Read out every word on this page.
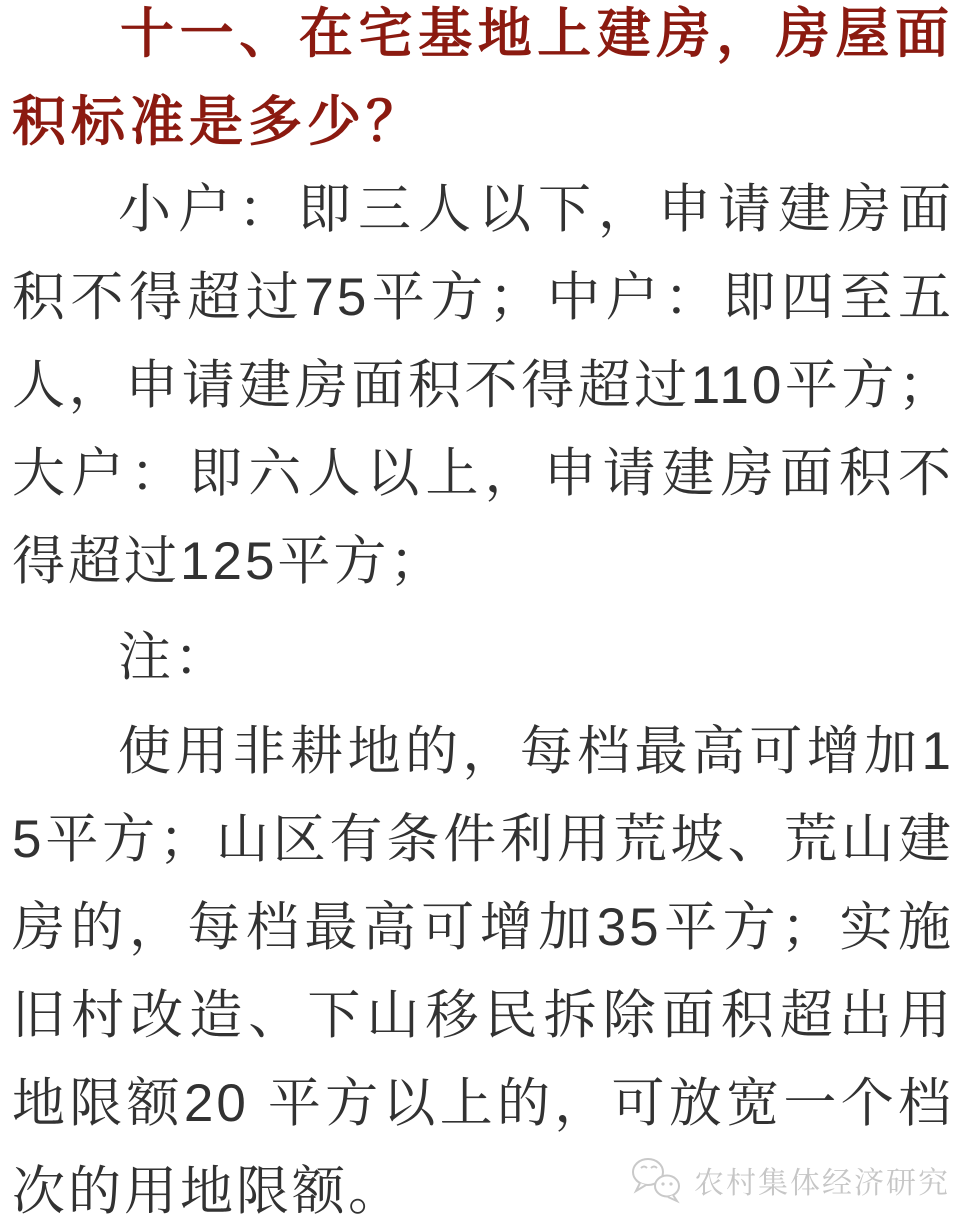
十一、在宅基地上建房，房屋面积标准是多少？

小户：即三人以下，申请建房面积不得超过75平方；中户：即四至五人，申请建房面积不得超过110平方；大户：即六人以上，申请建房面积不得超过125平方；

注：

使用非耕地的，每档最高可增加15平方；山区有条件利用荒坡、荒山建房的，每档最高可增加35平方；实施旧村改造、下山移民拆除面积超出用地限额20 平方以上的，可放宽一个档次的用地限额。	农村集体经济研究
